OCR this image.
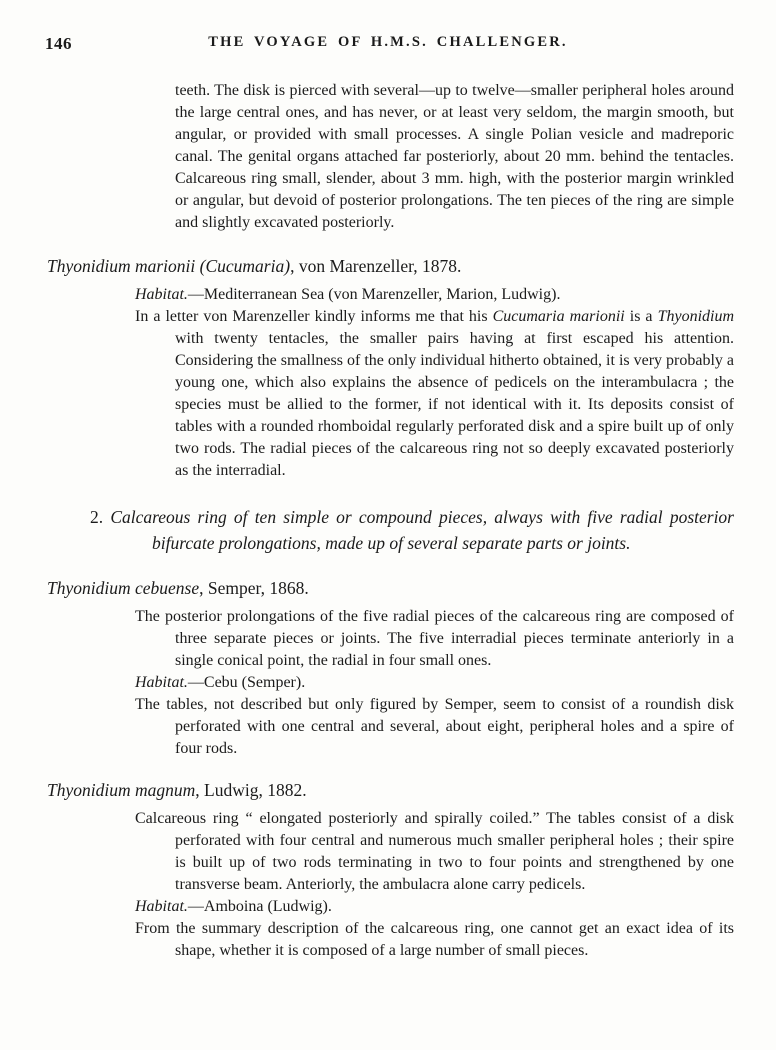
146	THE VOYAGE OF H.M.S. CHALLENGER.

teeth. The disk is pierced with several—up to twelve—smaller peripheral holes around the large central ones, and has never, or at least very seldom, the margin smooth, but angular, or provided with small processes. A single Polian vesicle and madreporic canal. The genital organs attached far posteriorly, about 20 mm. behind the tentacles. Calcareous ring small, slender, about 3 mm. high, with the posterior margin wrinkled or angular, but devoid of posterior prolongations. The ten pieces of the ring are simple and slightly excavated posteriorly.

Thyonidium marionii (Cucumaria), von Marenzeller, 1878.

Habitat.—Mediterranean Sea (von Marenzeller, Marion, Ludwig).

In a letter von Marenzeller kindly informs me that his Cucumaria marionii is a Thyonidium with twenty tentacles, the smaller pairs having at first escaped his attention. Considering the smallness of the only individual hitherto obtained, it is very probably a young one, which also explains the absence of pedicels on the interambulacra ; the species must be allied to the former, if not identical with it. Its deposits consist of tables with a rounded rhomboidal regularly perforated disk and a spire built up of only two rods. The radial pieces of the calcareous ring not so deeply excavated posteriorly as the interradial.

2. Calcareous ring of ten simple or compound pieces, always with five radial posterior bifurcate prolongations, made up of several separate parts or joints.

Thyonidium cebuense, Semper, 1868.

The posterior prolongations of the five radial pieces of the calcareous ring are composed of three separate pieces or joints. The five interradial pieces terminate anteriorly in a single conical point, the radial in four small ones.

Habitat.—Cebu (Semper).

The tables, not described but only figured by Semper, seem to consist of a roundish disk perforated with one central and several, about eight, peripheral holes and a spire of four rods.

Thyonidium magnum, Ludwig, 1882.

Calcareous ring “ elongated posteriorly and spirally coiled.” The tables consist of a disk perforated with four central and numerous much smaller peripheral holes ; their spire is built up of two rods terminating in two to four points and strengthened by one transverse beam. Anteriorly, the ambulacra alone carry pedicels.

Habitat.—Amboina (Ludwig).

From the summary description of the calcareous ring, one cannot get an exact idea of its shape, whether it is composed of a large number of small pieces.
